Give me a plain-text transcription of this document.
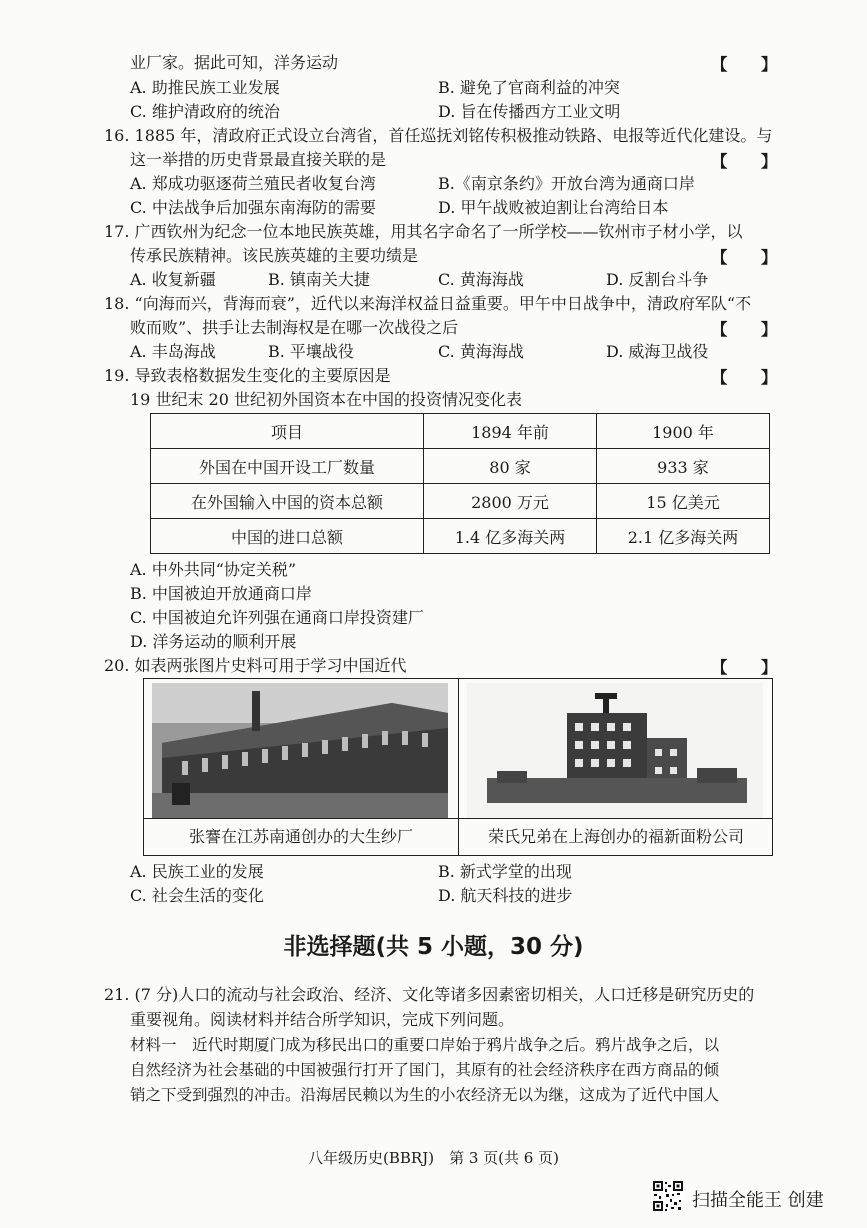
业厂家。据此可知，洋务运动	【 】
A. 助推民族工业发展	B. 避免了官商利益的冲突
C. 维护清政府的统治	D. 旨在传播西方工业文明
16. 1885 年，清政府正式设立台湾省，首任巡抚刘铭传积极推动铁路、电报等近代化建设。与
这一举措的历史背景最直接关联的是	【 】
A. 郑成功驱逐荷兰殖民者收复台湾	B.《南京条约》开放台湾为通商口岸
C. 中法战争后加强东南海防的需要	D. 甲午战败被迫割让台湾给日本
17. 广西钦州为纪念一位本地民族英雄，用其名字命名了一所学校——钦州市子材小学，以
传承民族精神。该民族英雄的主要功绩是	【 】
A. 收复新疆	B. 镇南关大捷	C. 黄海海战	D. 反割台斗争
18. “向海而兴，背海而衰”，近代以来海洋权益日益重要。甲午中日战争中，清政府军队“不
败而败”、拱手让去制海权是在哪一次战役之后	【 】
A. 丰岛海战	B. 平壤战役	C. 黄海海战	D. 威海卫战役
19. 导致表格数据发生变化的主要原因是	【 】
19 世纪末 20 世纪初外国资本在中国的投资情况变化表
项目	1894 年前	1900 年
外国在中国开设工厂数量	80 家	933 家
在外国输入中国的资本总额	2800 万元	15 亿美元
中国的进口总额	1.4 亿多海关两	2.1 亿多海关两
A. 中外共同“协定关税”
B. 中国被迫开放通商口岸
C. 中国被迫允许列强在通商口岸投资建厂
D. 洋务运动的顺利开展
20. 如表两张图片史料可用于学习中国近代	【 】
张謇在江苏南通创办的大生纱厂	荣氏兄弟在上海创办的福新面粉公司
A. 民族工业的发展	B. 新式学堂的出现
C. 社会生活的变化	D. 航天科技的进步
非选择题(共 5 小题，30 分)
21. (7 分)人口的流动与社会政治、经济、文化等诸多因素密切相关，人口迁移是研究历史的
重要视角。阅读材料并结合所学知识，完成下列问题。
材料一　近代时期厦门成为移民出口的重要口岸始于鸦片战争之后。鸦片战争之后，以
自然经济为社会基础的中国被强行打开了国门，其原有的社会经济秩序在西方商品的倾
销之下受到强烈的冲击。沿海居民赖以为生的小农经济无以为继，这成为了近代中国人
八年级历史(BBRJ)　第 3 页(共 6 页)
扫描全能王 创建
